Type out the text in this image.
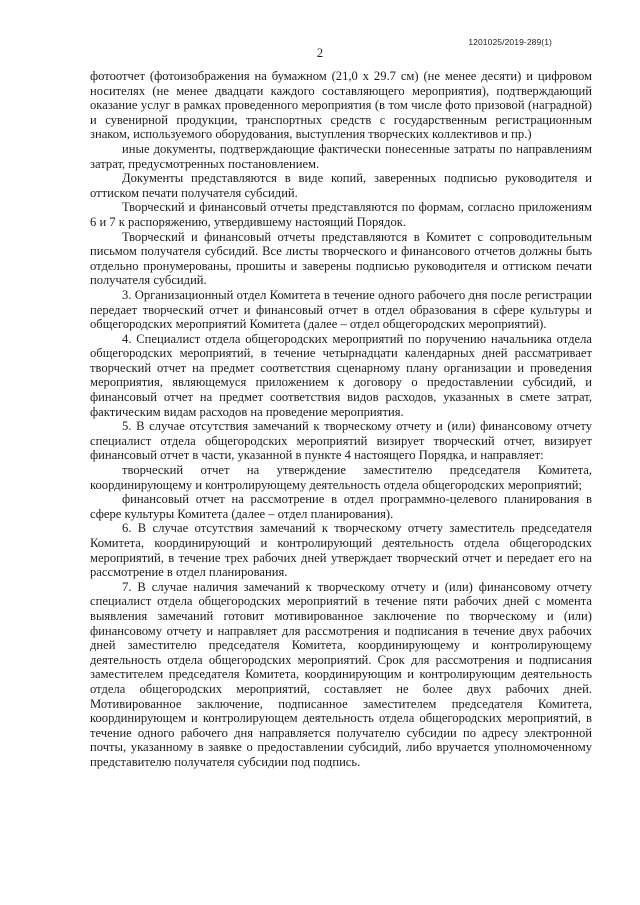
1201025/2019-289(1)
2

фотоотчет (фотоизображения на бумажном (21,0 х 29.7 см) (не менее десяти) и цифровом носителях (не менее двадцати каждого составляющего мероприятия), подтверждающий оказание услуг в рамках проведенного мероприятия (в том числе фото призовой (наградной) и сувенирной продукции, транспортных средств с государственным регистрационным знаком, используемого оборудования, выступления творческих коллективов и пр.)

иные документы, подтверждающие фактически понесенные затраты по направлениям затрат, предусмотренных постановлением.

Документы представляются в виде копий, заверенных подписью руководителя и оттиском печати получателя субсидий.

Творческий и финансовый отчеты представляются по формам, согласно приложениям 6 и 7 к распоряжению, утвердившему настоящий Порядок.

Творческий и финансовый отчеты представляются в Комитет с сопроводительным письмом получателя субсидий. Все листы творческого и финансового отчетов должны быть отдельно пронумерованы, прошиты и заверены подписью руководителя и оттиском печати получателя субсидий.

3. Организационный отдел Комитета в течение одного рабочего дня после регистрации передает творческий отчет и финансовый отчет в отдел образования в сфере культуры и общегородских мероприятий Комитета (далее – отдел общегородских мероприятий).

4. Специалист отдела общегородских мероприятий по поручению начальника отдела общегородских мероприятий, в течение четырнадцати календарных дней рассматривает творческий отчет на предмет соответствия сценарному плану организации и проведения мероприятия, являющемуся приложением к договору о предоставлении субсидий, и финансовый отчет на предмет соответствия видов расходов, указанных в смете затрат, фактическим видам расходов на проведение мероприятия.

5. В случае отсутствия замечаний к творческому отчету и (или) финансовому отчету специалист отдела общегородских мероприятий визирует творческий отчет, визирует финансовый отчет в части, указанной в пункте 4 настоящего Порядка, и направляет:

творческий отчет на утверждение заместителю председателя Комитета, координирующему и контролирующему деятельность отдела общегородских мероприятий;

финансовый отчет на рассмотрение в отдел программно-целевого планирования в сфере культуры Комитета (далее – отдел планирования).

6. В случае отсутствия замечаний к творческому отчету заместитель председателя Комитета, координирующий и контролирующий деятельность отдела общегородских мероприятий, в течение трех рабочих дней утверждает творческий отчет и передает его на рассмотрение в отдел планирования.

7. В случае наличия замечаний к творческому отчету и (или) финансовому отчету специалист отдела общегородских мероприятий в течение пяти рабочих дней с момента выявления замечаний готовит мотивированное заключение по творческому и (или) финансовому отчету и направляет для рассмотрения и подписания в течение двух рабочих дней заместителю председателя Комитета, координирующему и контролирующему деятельность отдела общегородских мероприятий. Срок для рассмотрения и подписания заместителем председателя Комитета, координирующим и контролирующим деятельность отдела общегородских мероприятий, составляет не более двух рабочих дней. Мотивированное заключение, подписанное заместителем председателя Комитета, координирующем и контролирующем деятельность отдела общегородских мероприятий, в течение одного рабочего дня направляется получателю субсидии по адресу электронной почты, указанному в заявке о предоставлении субсидий, либо вручается уполномоченному представителю получателя субсидии под подпись.
